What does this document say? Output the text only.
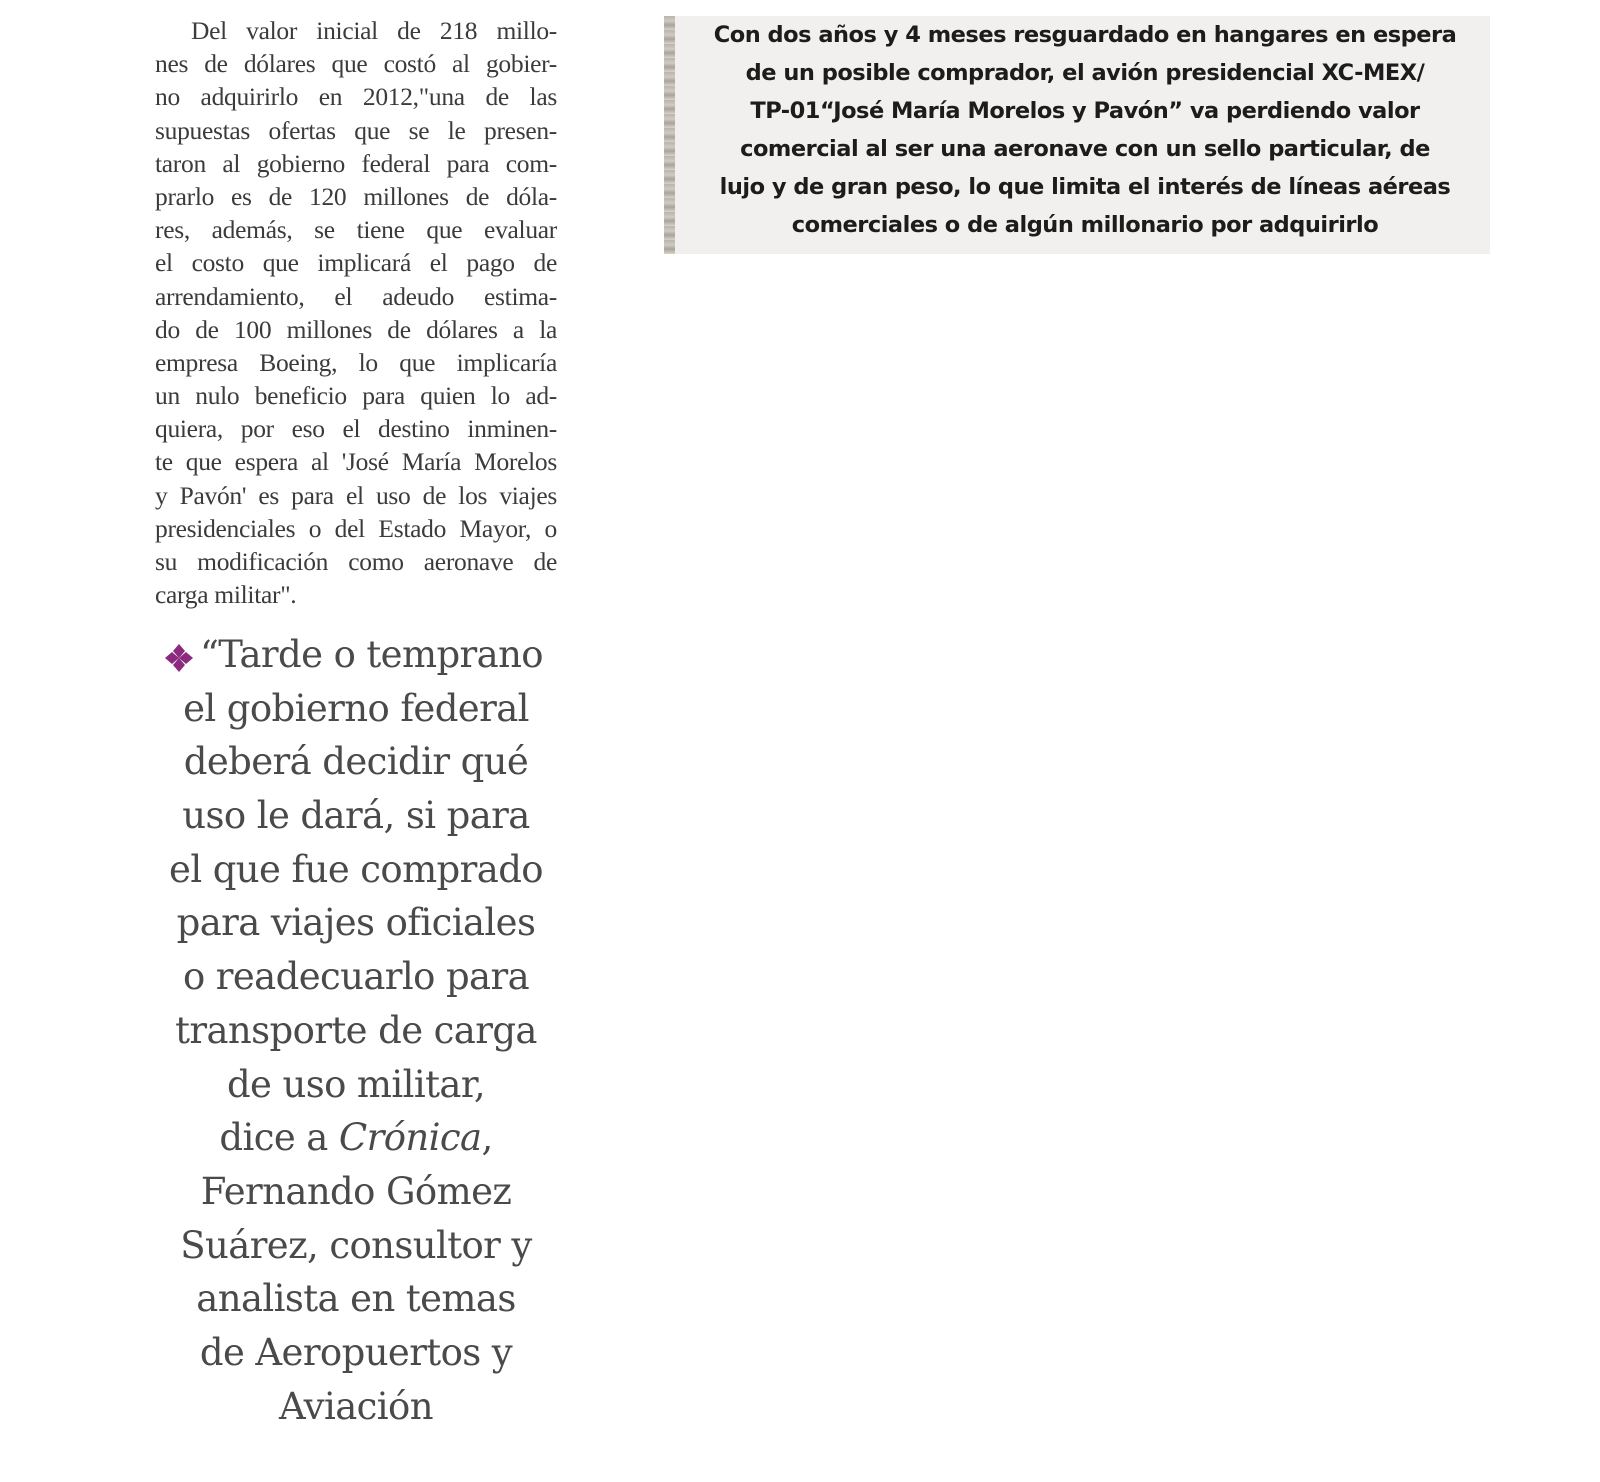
Del valor inicial de 218 millo-
nes de dólares que costó al gobier-
no adquirirlo en 2012,"una de las
supuestas ofertas que se le presen-
taron al gobierno federal para com-
prarlo es de 120 millones de dóla-
res, además, se tiene que evaluar
el costo que implicará el pago de
arrendamiento, el adeudo estima-
do de 100 millones de dólares a la
empresa Boeing, lo que implicaría
un nulo beneficio para quien lo ad-
quiera, por eso el destino inminen-
te que espera al 'José María Morelos
y Pavón' es para el uso de los viajes
presidenciales o del Estado Mayor, o
su modificación como aeronave de
carga militar".
“Tarde o temprano
el gobierno federal
deberá decidir qué
uso le dará, si para
el que fue comprado
para viajes oficiales
o readecuarlo para
transporte de carga
de uso militar,
dice a Crónica,
Fernando Gómez
Suárez, consultor y
analista en temas
de Aeropuertos y
Aviación
Con dos años y 4 meses resguardado en hangares en espera
de un posible comprador, el avión presidencial XC-MEX/
TP-01“José María Morelos y Pavón” va perdiendo valor
comercial al ser una aeronave con un sello particular, de
lujo y de gran peso, lo que limita el interés de líneas aéreas
comerciales o de algún millonario por adquirirlo
